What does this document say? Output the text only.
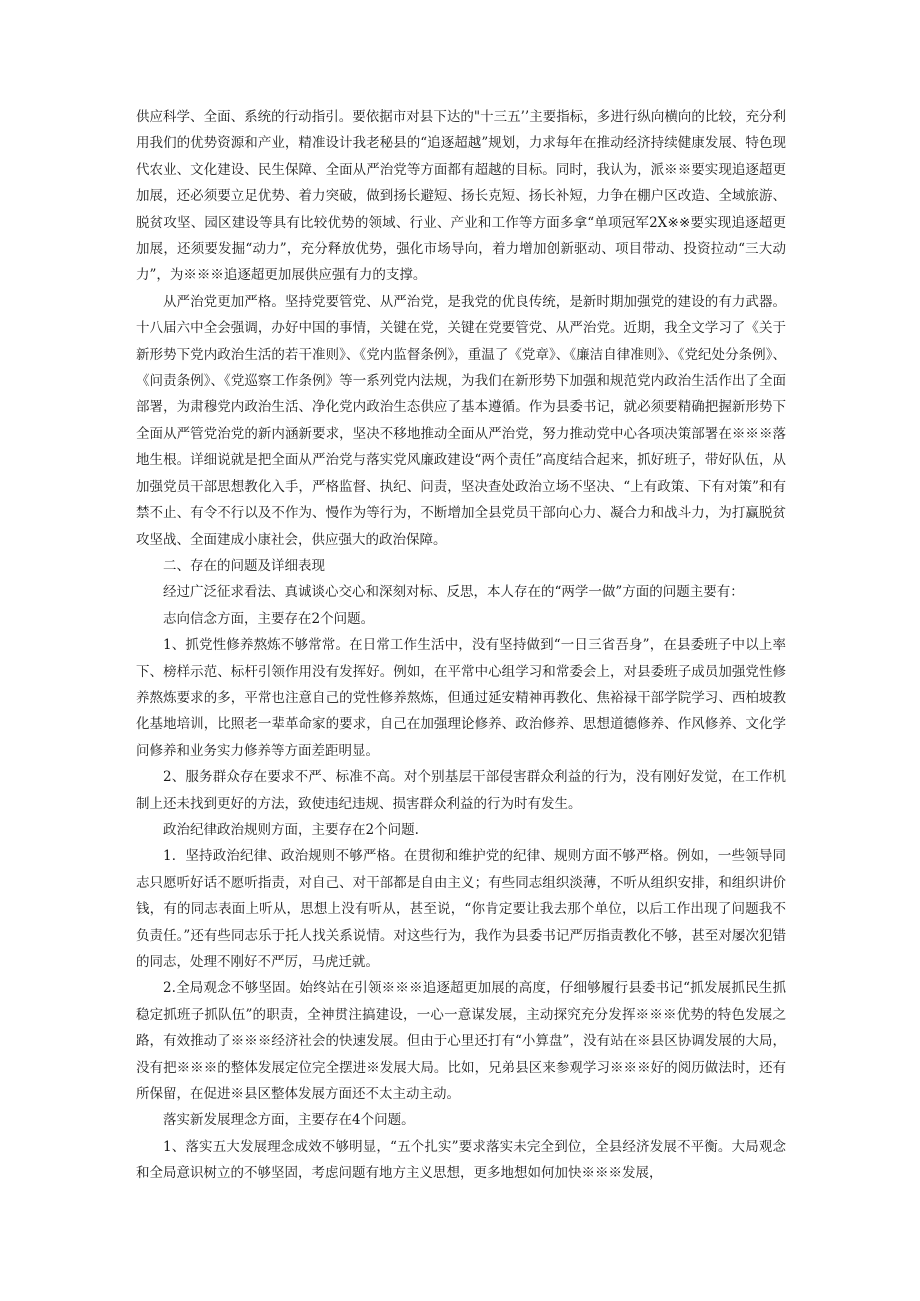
供应科学、全面、系统的行动指引。要依据市对县下达的"十三五’’主要指标，多进行纵向横向的比较，充分利用我们的优势资源和产业，精准设计我老秘县的“追逐超越”规划，力求每年在推动经济持续健康发展、特色现代农业、文化建设、民生保障、全面从严治党等方面都有超越的目标。同时，我认为，派※※要实现追逐超更加展，还必须要立足优势、着力突破，做到扬长避短、扬长克短、扬长补短，力争在棚户区改造、全域旅游、脱贫攻坚、园区建设等具有比较优势的领域、行业、产业和工作等方面多拿“单项冠军2X※※要实现追逐超更加展，还须要发掘“动力”，充分释放优势，强化市场导向，着力增加创新驱动、项目带动、投资拉动“三大动力”，为※※※追逐超更加展供应强有力的支撑。

从严治党更加严格。坚持党要管党、从严治党，是我党的优良传统，是新时期加强党的建设的有力武器。十八届六中全会强调，办好中国的事情，关键在党，关键在党要管党、从严治党。近期，我全文学习了《关于新形势下党内政治生活的若干准则》、《党内监督条例》，重温了《党章》、《廉洁自律准则》、《党纪处分条例》、《问责条例》、《党巡察工作条例》等一系列党内法规，为我们在新形势下加强和规范党内政治生活作出了全面部署，为肃穆党内政治生活、净化党内政治生态供应了基本遵循。作为县委书记，就必须要精确把握新形势下全面从严管党治党的新内涵新要求，坚决不移地推动全面从严治党，努力推动党中心各项决策部署在※※※落地生根。详细说就是把全面从严治党与落实党风廉政建设“两个责任”高度结合起来，抓好班子，带好队伍，从加强党员干部思想教化入手，严格监督、执纪、问责，坚决查处政治立场不坚决、“上有政策、下有对策”和有禁不止、有令不行以及不作为、慢作为等行为，不断增加全县党员干部向心力、凝合力和战斗力，为打赢脱贫攻坚战、全面建成小康社会，供应强大的政治保障。

二、存在的问题及详细表现

经过广泛征求看法、真诚谈心交心和深刻对标、反思，本人存在的“两学一做”方面的问题主要有：

志向信念方面，主要存在2个问题。

1、抓党性修养熬炼不够常常。在日常工作生活中，没有坚持做到“一日三省吾身”，在县委班子中以上率下、榜样示范、标杆引领作用没有发挥好。例如，在平常中心组学习和常委会上，对县委班子成员加强党性修养熬炼要求的多，平常也注意自己的党性修养熬炼，但通过延安精神再教化、焦裕禄干部学院学习、西柏坡教化基地培训，比照老一辈革命家的要求，自己在加强理论修养、政治修养、思想道德修养、作风修养、文化学问修养和业务实力修养等方面差距明显。

2、服务群众存在要求不严、标准不高。对个别基层干部侵害群众利益的行为，没有刚好发觉，在工作机制上还未找到更好的方法，致使违纪违规、损害群众利益的行为时有发生。

政治纪律政治规则方面，主要存在2个问题.

1．坚持政治纪律、政治规则不够严格。在贯彻和维护党的纪律、规则方面不够严格。例如，一些领导同志只愿听好话不愿听指责，对自己、对干部都是自由主义；有些同志组织淡薄，不听从组织安排，和组织讲价钱，有的同志表面上听从，思想上没有听从，甚至说，“你肯定要让我去那个单位，以后工作出现了问题我不负责任。”还有些同志乐于托人找关系说情。对这些行为，我作为县委书记严厉指责教化不够，甚至对屡次犯错的同志，处理不刚好不严厉，马虎迁就。

2.全局观念不够坚固。始终站在引领※※※追逐超更加展的高度，仔细够履行县委书记“抓发展抓民生抓稳定抓班子抓队伍”的职责，全神贯注搞建设，一心一意谋发展，主动探究充分发挥※※※优势的特色发展之路，有效推动了※※※经济社会的快速发展。但由于心里还打有“小算盘”，没有站在※县区协调发展的大局，没有把※※※的整体发展定位完全摆进※发展大局。比如，兄弟县区来参观学习※※※好的阅历做法时，还有所保留，在促进※县区整体发展方面还不太主动主动。

落实新发展理念方面，主要存在4个问题。

1、落实五大发展理念成效不够明显，“五个扎实”要求落实未完全到位，全县经济发展不平衡。大局观念和全局意识树立的不够坚固，考虑问题有地方主义思想，更多地想如何加快※※※发展，
